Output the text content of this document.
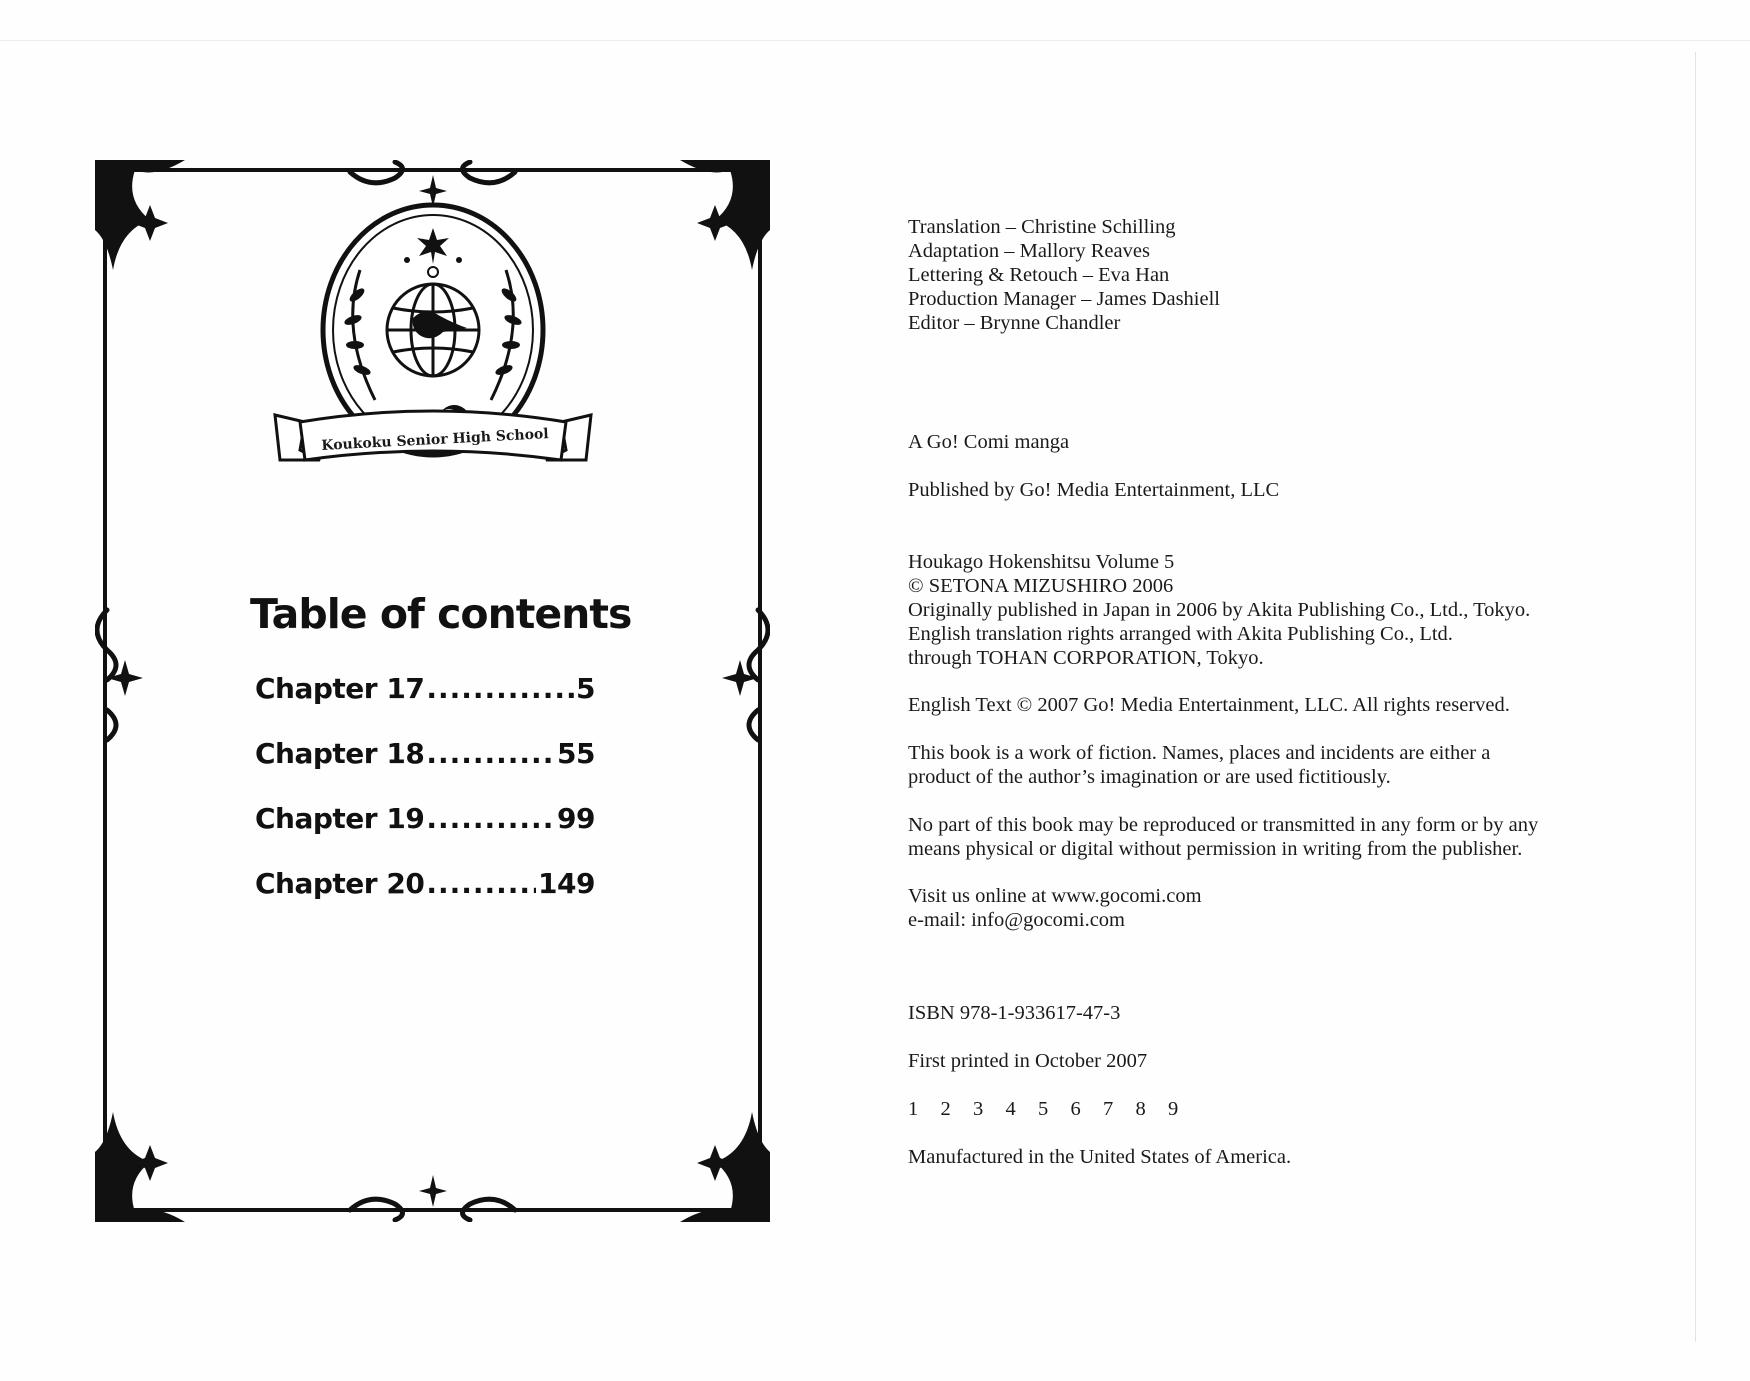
Koukoku Senior High School
Table of contents
Chapter 17 .....	5
Chapter 18 .....	55
Chapter 19 .....	99
Chapter 20 .....	149
Translation – Christine Schilling
Adaptation – Mallory Reaves
Lettering & Retouch – Eva Han
Production Manager – James Dashiell
Editor – Brynne Chandler
A Go! Comi manga
Published by Go! Media Entertainment, LLC
Houkago Hokenshitsu Volume 5
© SETONA MIZUSHIRO 2006
Originally published in Japan in 2006 by Akita Publishing Co., Ltd., Tokyo.
English translation rights arranged with Akita Publishing Co., Ltd.
through TOHAN CORPORATION, Tokyo.
English Text © 2007 Go! Media Entertainment, LLC. All rights reserved.
This book is a work of fiction. Names, places and incidents are either a
product of the author’s imagination or are used fictitiously.
No part of this book may be reproduced or transmitted in any form or by any
means physical or digital without permission in writing from the publisher.
Visit us online at www.gocomi.com
e-mail: info@gocomi.com
ISBN 978-1-933617-47-3
First printed in October 2007
1 2 3 4 5 6 7 8 9
Manufactured in the United States of America.
